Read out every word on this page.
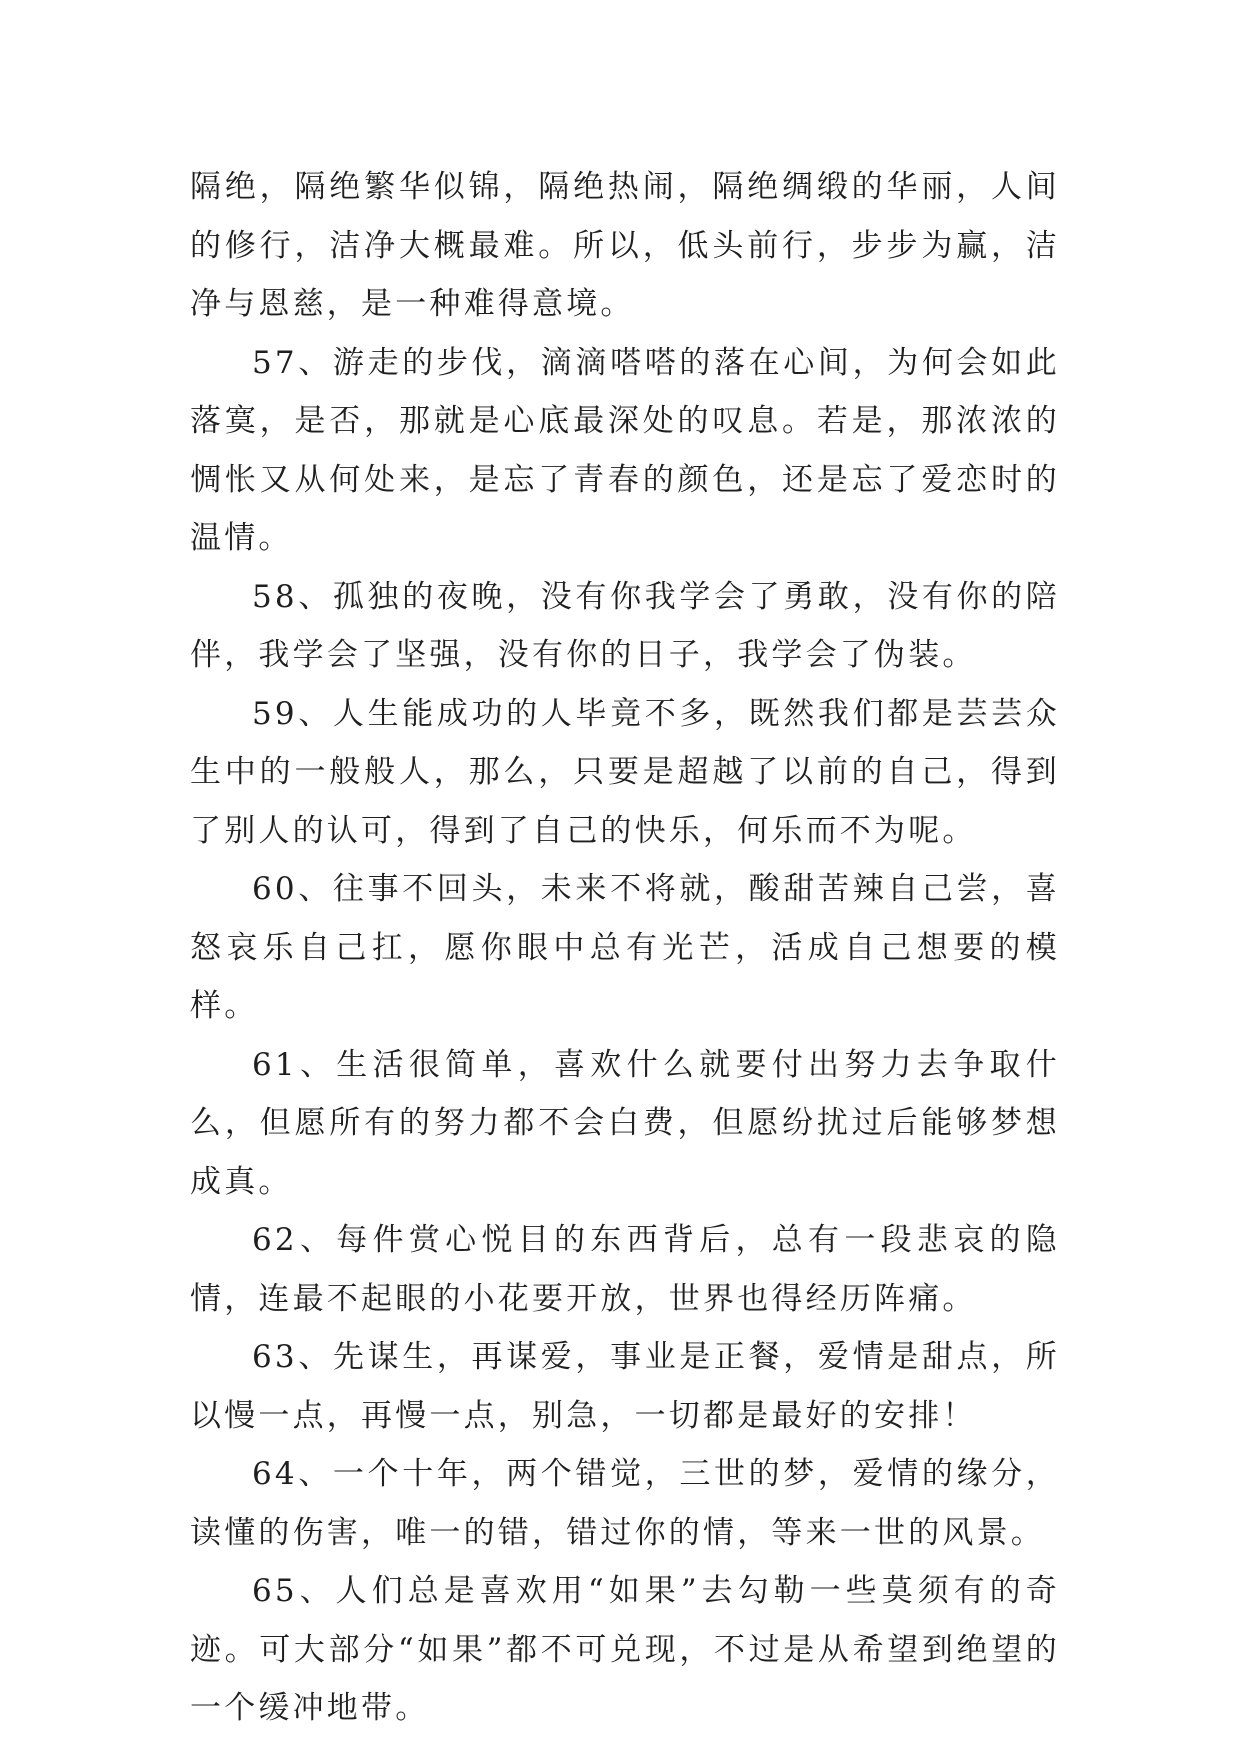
隔绝，隔绝繁华似锦，隔绝热闹，隔绝绸缎的华丽，人间的修行，洁净大概最难。所以，低头前行，步步为赢，洁净与恩慈，是一种难得意境。

57、游走的步伐，滴滴嗒嗒的落在心间，为何会如此落寞，是否，那就是心底最深处的叹息。若是，那浓浓的惆怅又从何处来，是忘了青春的颜色，还是忘了爱恋时的温情。

58、孤独的夜晚，没有你我学会了勇敢，没有你的陪伴，我学会了坚强，没有你的日子，我学会了伪装。

59、人生能成功的人毕竟不多，既然我们都是芸芸众生中的一般般人，那么，只要是超越了以前的自己，得到了别人的认可，得到了自己的快乐，何乐而不为呢。

60、往事不回头，未来不将就，酸甜苦辣自己尝，喜怒哀乐自己扛，愿你眼中总有光芒，活成自己想要的模样。

61、生活很简单，喜欢什么就要付出努力去争取什么，但愿所有的努力都不会白费，但愿纷扰过后能够梦想成真。

62、每件赏心悦目的东西背后，总有一段悲哀的隐情，连最不起眼的小花要开放，世界也得经历阵痛。

63、先谋生，再谋爱，事业是正餐，爱情是甜点，所以慢一点，再慢一点，别急，一切都是最好的安排！

64、一个十年，两个错觉，三世的梦，爱情的缘分，读懂的伤害，唯一的错，错过你的情，等来一世的风景。

65、人们总是喜欢用“如果”去勾勒一些莫须有的奇迹。可大部分“如果”都不可兑现，不过是从希望到绝望的一个缓冲地带。
